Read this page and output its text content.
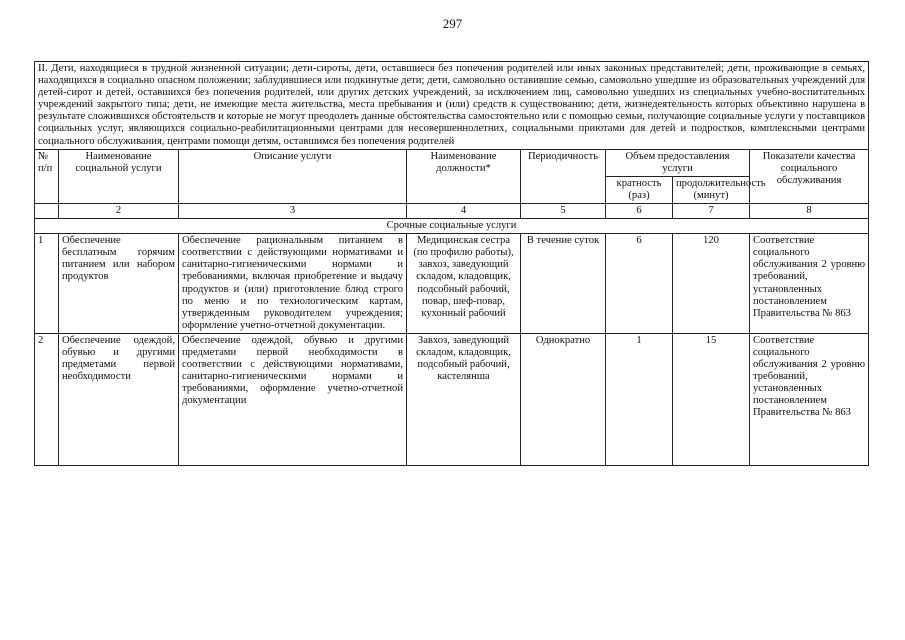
297
II. Дети, находящиеся в трудной жизненной ситуации; дети-сироты, дети, оставшиеся без попечения родителей или иных законных представителей; дети, проживающие в семьях, находящихся в социально опасном положении; заблудившиеся или подкинутые дети; дети, самовольно оставившие семью, самовольно ушедшие из образовательных учреждений для детей-сирот и детей, оставшихся без попечения родителей, или других детских учреждений, за исключением лиц, самовольно ушедших из специальных учебно-воспитательных учреждений закрытого типа; дети, не имеющие места жительства, места пребывания и (или) средств к существованию; дети, жизнедеятельность которых объективно нарушена в результате сложившихся обстоятельств и которые не могут преодолеть данные обстоятельства самостоятельно или с помощью семьи, получающие социальные услуги у поставщиков социальных услуг, являющихся социально-реабилитационными центрами для несовершеннолетних, социальными приютами для детей и подростков, комплексными центрами социального обслуживания, центрами помощи детям, оставшимся без попечения родителей							
№ п/п	Наименование социальной услуги	Описание услуги	Наименование должности*	Периодичность	Объем предоставления услуги		Показатели качества социального обслуживания
					кратность (раз)	продолжительность (минут)	
	2	3	4	5	6	7	8
Срочные социальные услуги							
1	Обеспечение бесплатным горячим питанием или набором продуктов	Обеспечение рациональным питанием в соответствии с действующими нормативами и санитарно-гигиеническими нормами и требованиями, включая приобретение и выдачу продуктов и (или) приготовление блюд строго по меню и по технологическим картам, утвержденным руководителем учреждения; оформление учетно-отчетной документации.	Медицинская сестра (по профилю работы), завхоз, заведующий складом, кладовщик, подсобный рабочий, повар, шеф-повар, кухонный рабочий	В течение суток	6	120	Соответствие социального обслуживания 2 уровню требований, установленных постановлением Правительства № 863
2	Обеспечение одеждой, обувью и другими предметами первой необходимости	Обеспечение одеждой, обувью и другими предметами первой необходимости в соответствии с действующими нормативами, санитарно-гигиеническими нормами и требованиями, оформление учетно-отчетной документации	Завхоз, заведующий складом, кладовщик, подсобный рабочий, кастелянша	Однократно	1	15	Соответствие социального обслуживания 2 уровню требований, установленных постановлением Правительства № 863
